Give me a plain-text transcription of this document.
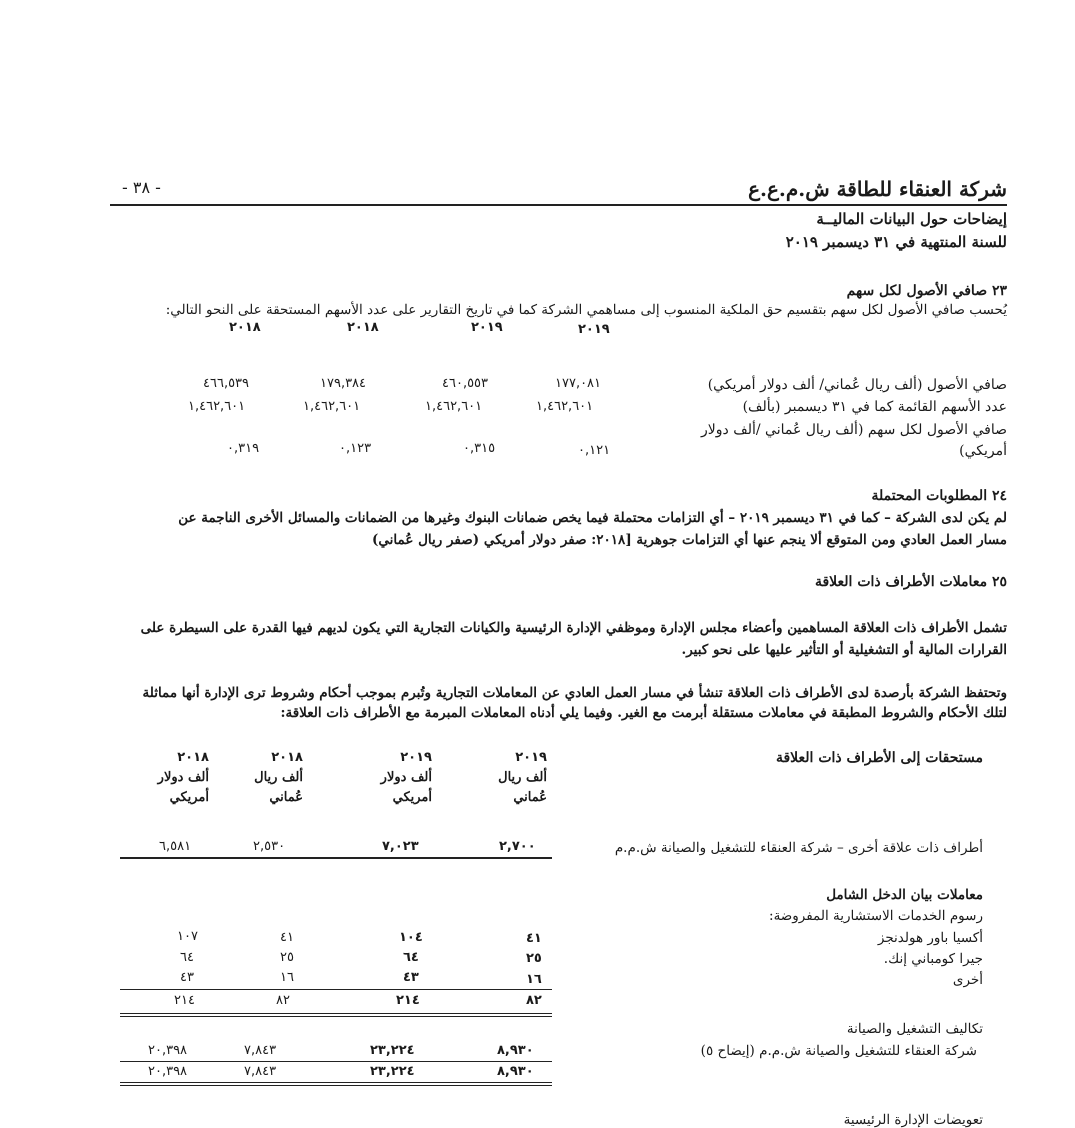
- ٣٨ -	شركة العنقاء للطاقة ش.م.ع.ع
إيضاحات حول البيانات الماليــة
للسنة المنتهية في ٣١ ديسمبر ٢٠١٩
٢٣ صافي الأصول لكل سهم
يُحسب صافي الأصول لكل سهم بتقسيم حق الملكية المنسوب إلى مساهمي الشركة كما في تاريخ التقارير على عدد الأسهم المستحقة على النحو التالي:
٢٠١٩
٢٠١٩
٢٠١٨
٢٠١٨
صافي الأصول (ألف ريال عُماني/ ألف دولار أمريكي)
١٧٧,٠٨١
٤٦٠,٥٥٣
١٧٩,٣٨٤
٤٦٦,٥٣٩
عدد الأسهم القائمة كما في ٣١ ديسمبر (بألف)
١,٤٦٢,٦٠١
١,٤٦٢,٦٠١
١,٤٦٢,٦٠١
١,٤٦٢,٦٠١
صافي الأصول لكل سهم (ألف ريال عُماني /ألف دولار
أمريكي)
٠,١٢١
٠,٣١٥
٠,١٢٣
٠,٣١٩
٢٤ المطلوبات المحتملة
لم يكن لدى الشركة – كما في ٣١ ديسمبر ٢٠١٩ – أي التزامات محتملة فيما يخص ضمانات البنوك وغيرها من الضمانات والمسائل الأخرى الناجمة عن
مسار العمل العادي ومن المتوقع ألا ينجم عنها أي التزامات جوهرية [٢٠١٨: صفر دولار أمريكي (صفر ريال عُماني)
٢٥ معاملات الأطراف ذات العلاقة
تشمل الأطراف ذات العلاقة المساهمين وأعضاء مجلس الإدارة وموظفي الإدارة الرئيسية والكيانات التجارية التي يكون لديهم فيها القدرة على السيطرة على
القرارات المالية أو التشغيلية أو التأثير عليها على نحو كبير.
وتحتفظ الشركة بأرصدة لدى الأطراف ذات العلاقة تنشأ في مسار العمل العادي عن المعاملات التجارية وتُبرم بموجب أحكام وشروط ترى الإدارة أنها مماثلة
لتلك الأحكام والشروط المطبقة في معاملات مستقلة أبرمت مع الغير. وفيما يلي أدناه المعاملات المبرمة مع الأطراف ذات العلاقة:
مستحقات إلى الأطراف ذات العلاقة
٢٠١٩
ألف ريال
عُماني
٢٠١٩
ألف دولار
أمريكي
٢٠١٨
ألف ريال
عُماني
٢٠١٨
ألف دولار
أمريكي
أطراف ذات علاقة أخرى – شركة العنقاء للتشغيل والصيانة ش.م.م
٢,٧٠٠
٧,٠٢٣
٢,٥٣٠
٦,٥٨١
معاملات بيان الدخل الشامل
رسوم الخدمات الاستشارية المفروضة:
أكسيا باور هولدنجز
٤١
١٠٤
٤١
١٠٧
جيرا كومباني إنك.
٢٥
٦٤
٢٥
٦٤
أخرى
١٦
٤٣
١٦
٤٣
٨٢
٢١٤
٨٢
٢١٤
تكاليف التشغيل والصيانة
شركة العنقاء للتشغيل والصيانة ش.م.م (إيضاح ٥)
٨,٩٣٠
٢٣,٢٢٤
٧,٨٤٣
٢٠,٣٩٨
٨,٩٣٠
٢٣,٢٢٤
٧,٨٤٣
٢٠,٣٩٨
تعويضات الإدارة الرئيسية
